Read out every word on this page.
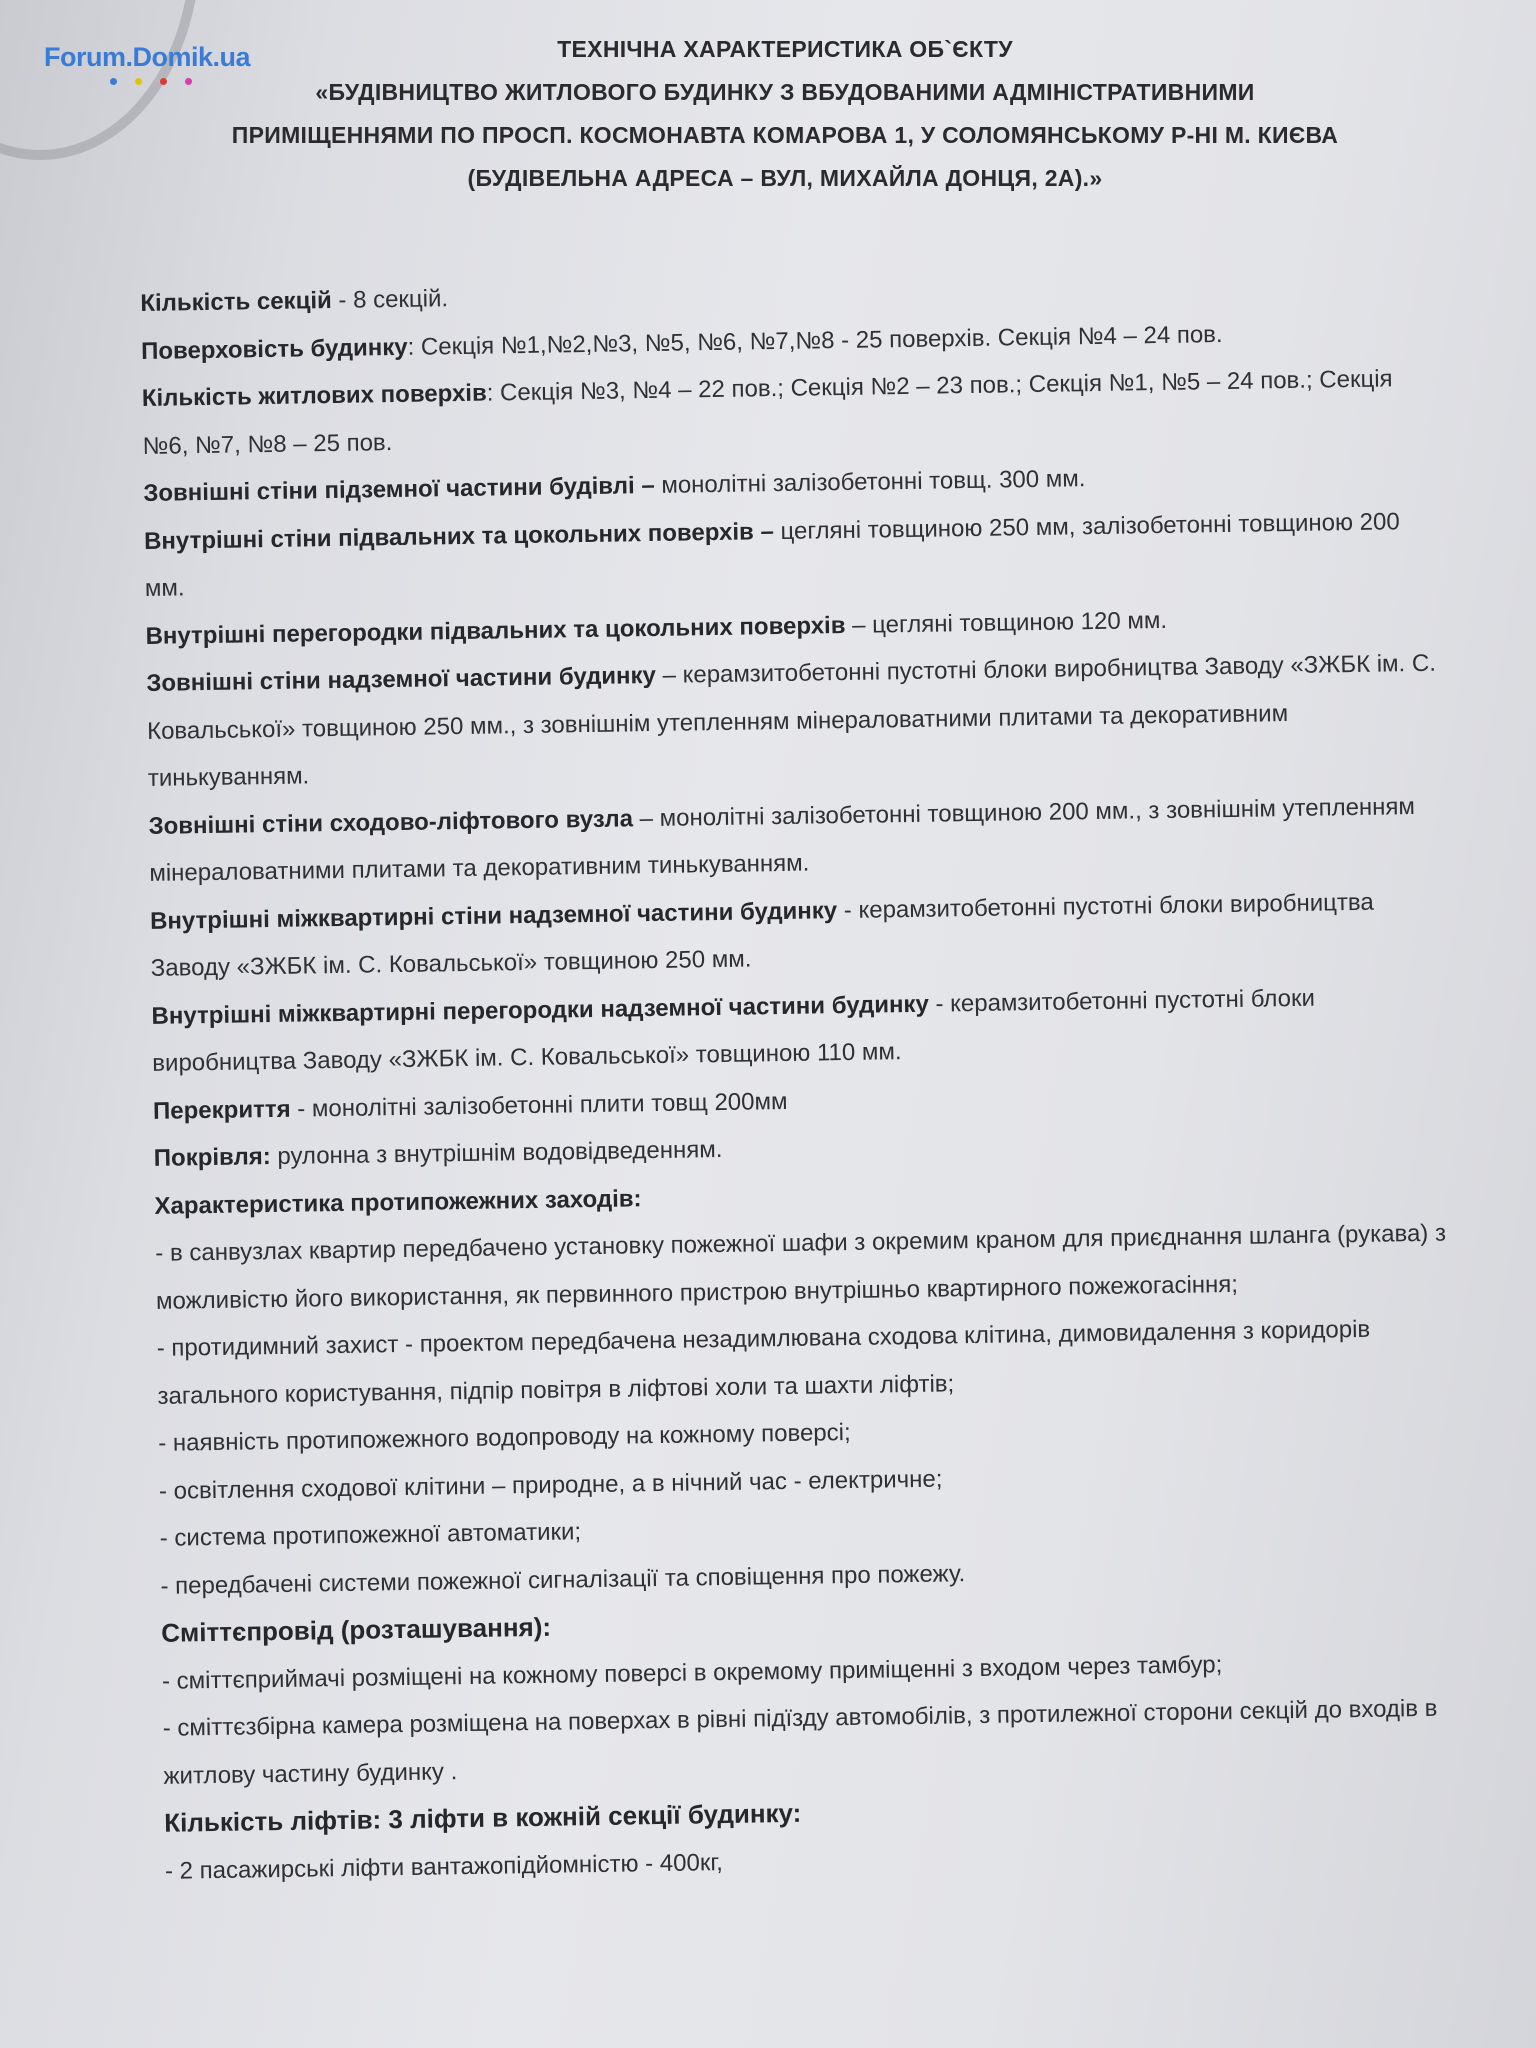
Forum.Domik.ua	ТЕХНІЧНА ХАРАКТЕРИСТИКА ОБ`ЄКТУ
«БУДІВНИЦТВО ЖИТЛОВОГО БУДИНКУ З ВБУДОВАНИМИ АДМІНІСТРАТИВНИМИ
ПРИМІЩЕННЯМИ ПО ПРОСП. КОСМОНАВТА КОМАРОВА 1, У СОЛОМЯНСЬКОМУ Р-НІ М. КИЄВА
(БУДІВЕЛЬНА АДРЕСА – ВУЛ, МИХАЙЛА ДОНЦЯ, 2А).»

Кількість секцій - 8 секцій.

Поверховість будинку: Секція №1,№2,№3, №5, №6, №7,№8 - 25 поверхів. Секція №4 – 24 пов.

Кількість житлових поверхів: Секція №3, №4 – 22 пов.; Секція №2 – 23 пов.; Секція №1, №5 – 24 пов.; Секція №6, №7, №8 – 25 пов.

Зовнішні стіни підземної частини будівлі – монолітні залізобетонні товщ. 300 мм.

Внутрішні стіни підвальних та цокольних поверхів – цегляні товщиною 250 мм, залізобетонні товщиною 200 мм.

Внутрішні перегородки підвальних та цокольних поверхів – цегляні товщиною 120 мм.

Зовнішні стіни надземної частини будинку – керамзитобетонні пустотні блоки виробництва Заводу «ЗЖБК ім. С. Ковальської» товщиною 250 мм., з зовнішнім утепленням мінераловатними плитами та декоративним тинькуванням.

Зовнішні стіни сходово-ліфтового вузла – монолітні залізобетонні товщиною 200 мм., з зовнішнім утепленням мінераловатними плитами та декоративним тинькуванням.

Внутрішні міжквартирні стіни надземної частини будинку - керамзитобетонні пустотні блоки виробництва Заводу «ЗЖБК ім. С. Ковальської» товщиною 250 мм.

Внутрішні міжквартирні перегородки надземної частини будинку - керамзитобетонні пустотні блоки виробництва Заводу «ЗЖБК ім. С. Ковальської» товщиною 110 мм.

Перекриття - монолітні залізобетонні плити товщ 200мм

Покрівля: рулонна з внутрішнім водовідведенням.

Характеристика протипожежних заходів:

- в санвузлах квартир передбачено установку пожежної шафи з окремим краном для приєднання шланга (рукава) з можливістю його використання, як первинного пристрою внутрішньо квартирного пожежогасіння;

- протидимний захист - проектом передбачена незадимлювана сходова клітина, димовидалення з коридорів загального користування, підпір повітря в ліфтові холи та шахти ліфтів;

- наявність протипожежного водопроводу на кожному поверсі;

- освітлення сходової клітини – природне, а в нічний час - електричне;

- система протипожежної автоматики;

- передбачені системи пожежної сигналізації та сповіщення про пожежу.

Сміттєпровід (розташування):

- сміттєприймачі розміщені на кожному поверсі в окремому приміщенні з входом через тамбур;

- сміттєзбірна камера розміщена на поверхах в рівні підїзду автомобілів, з протилежної сторони секцій до входів в житлову частину будинку .

Кількість ліфтів: 3 ліфти в кожній секції будинку:

- 2 пасажирські ліфти вантажопідйомністю - 400кг,
